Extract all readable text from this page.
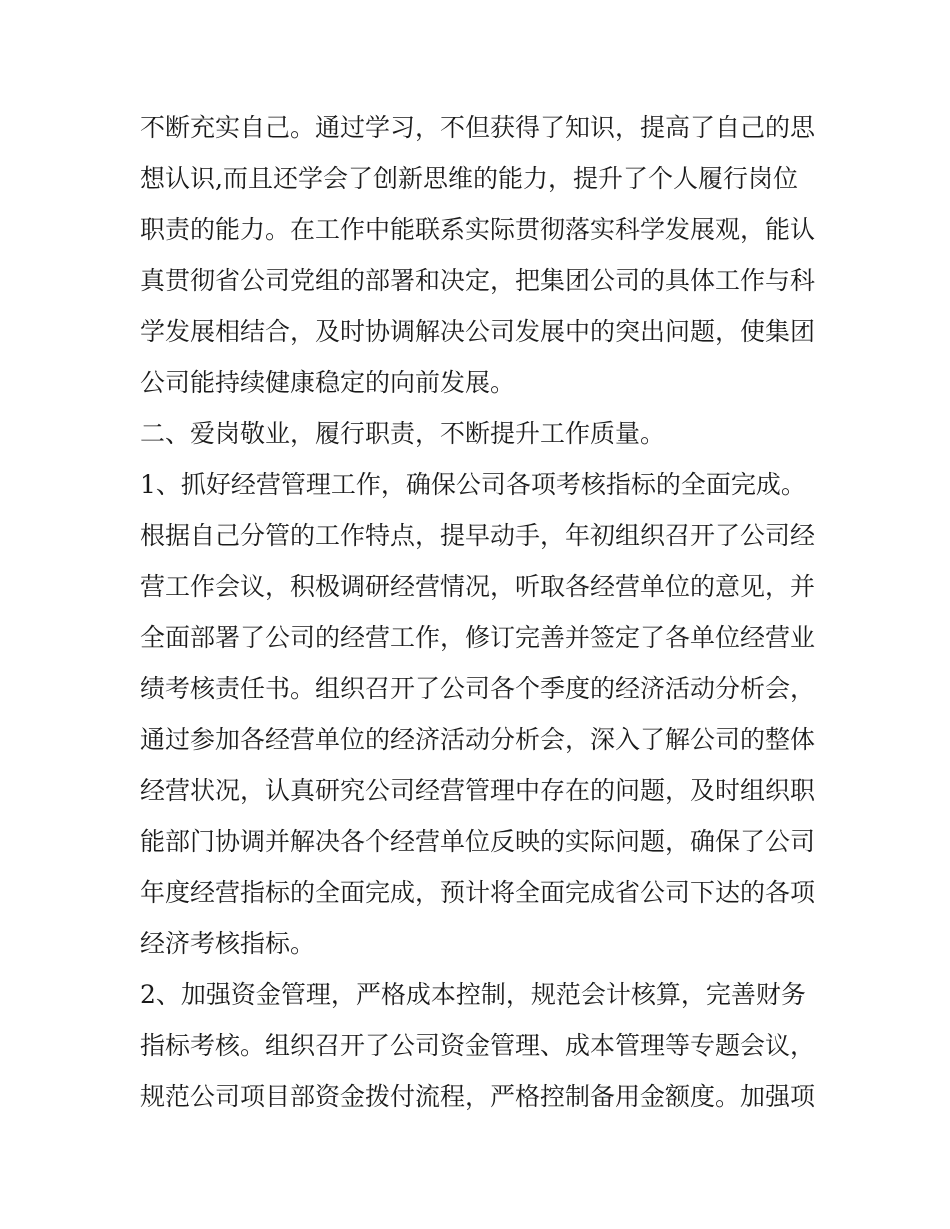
不断充实自己。通过学习，不但获得了知识，提高了自己的思
想认识,而且还学会了创新思维的能力，提升了个人履行岗位
职责的能力。在工作中能联系实际贯彻落实科学发展观，能认
真贯彻省公司党组的部署和决定，把集团公司的具体工作与科
学发展相结合，及时协调解决公司发展中的突出问题，使集团
公司能持续健康稳定的向前发展。
二、爱岗敬业，履行职责，不断提升工作质量。
1、抓好经营管理工作，确保公司各项考核指标的全面完成。
根据自己分管的工作特点，提早动手，年初组织召开了公司经
营工作会议，积极调研经营情况，听取各经营单位的意见，并
全面部署了公司的经营工作，修订完善并签定了各单位经营业
绩考核责任书。组织召开了公司各个季度的经济活动分析会，
通过参加各经营单位的经济活动分析会，深入了解公司的整体
经营状况，认真研究公司经营管理中存在的问题，及时组织职
能部门协调并解决各个经营单位反映的实际问题，确保了公司
年度经营指标的全面完成，预计将全面完成省公司下达的各项
经济考核指标。
2、加强资金管理，严格成本控制，规范会计核算，完善财务
指标考核。组织召开了公司资金管理、成本管理等专题会议，
规范公司项目部资金拨付流程，严格控制备用金额度。加强项
